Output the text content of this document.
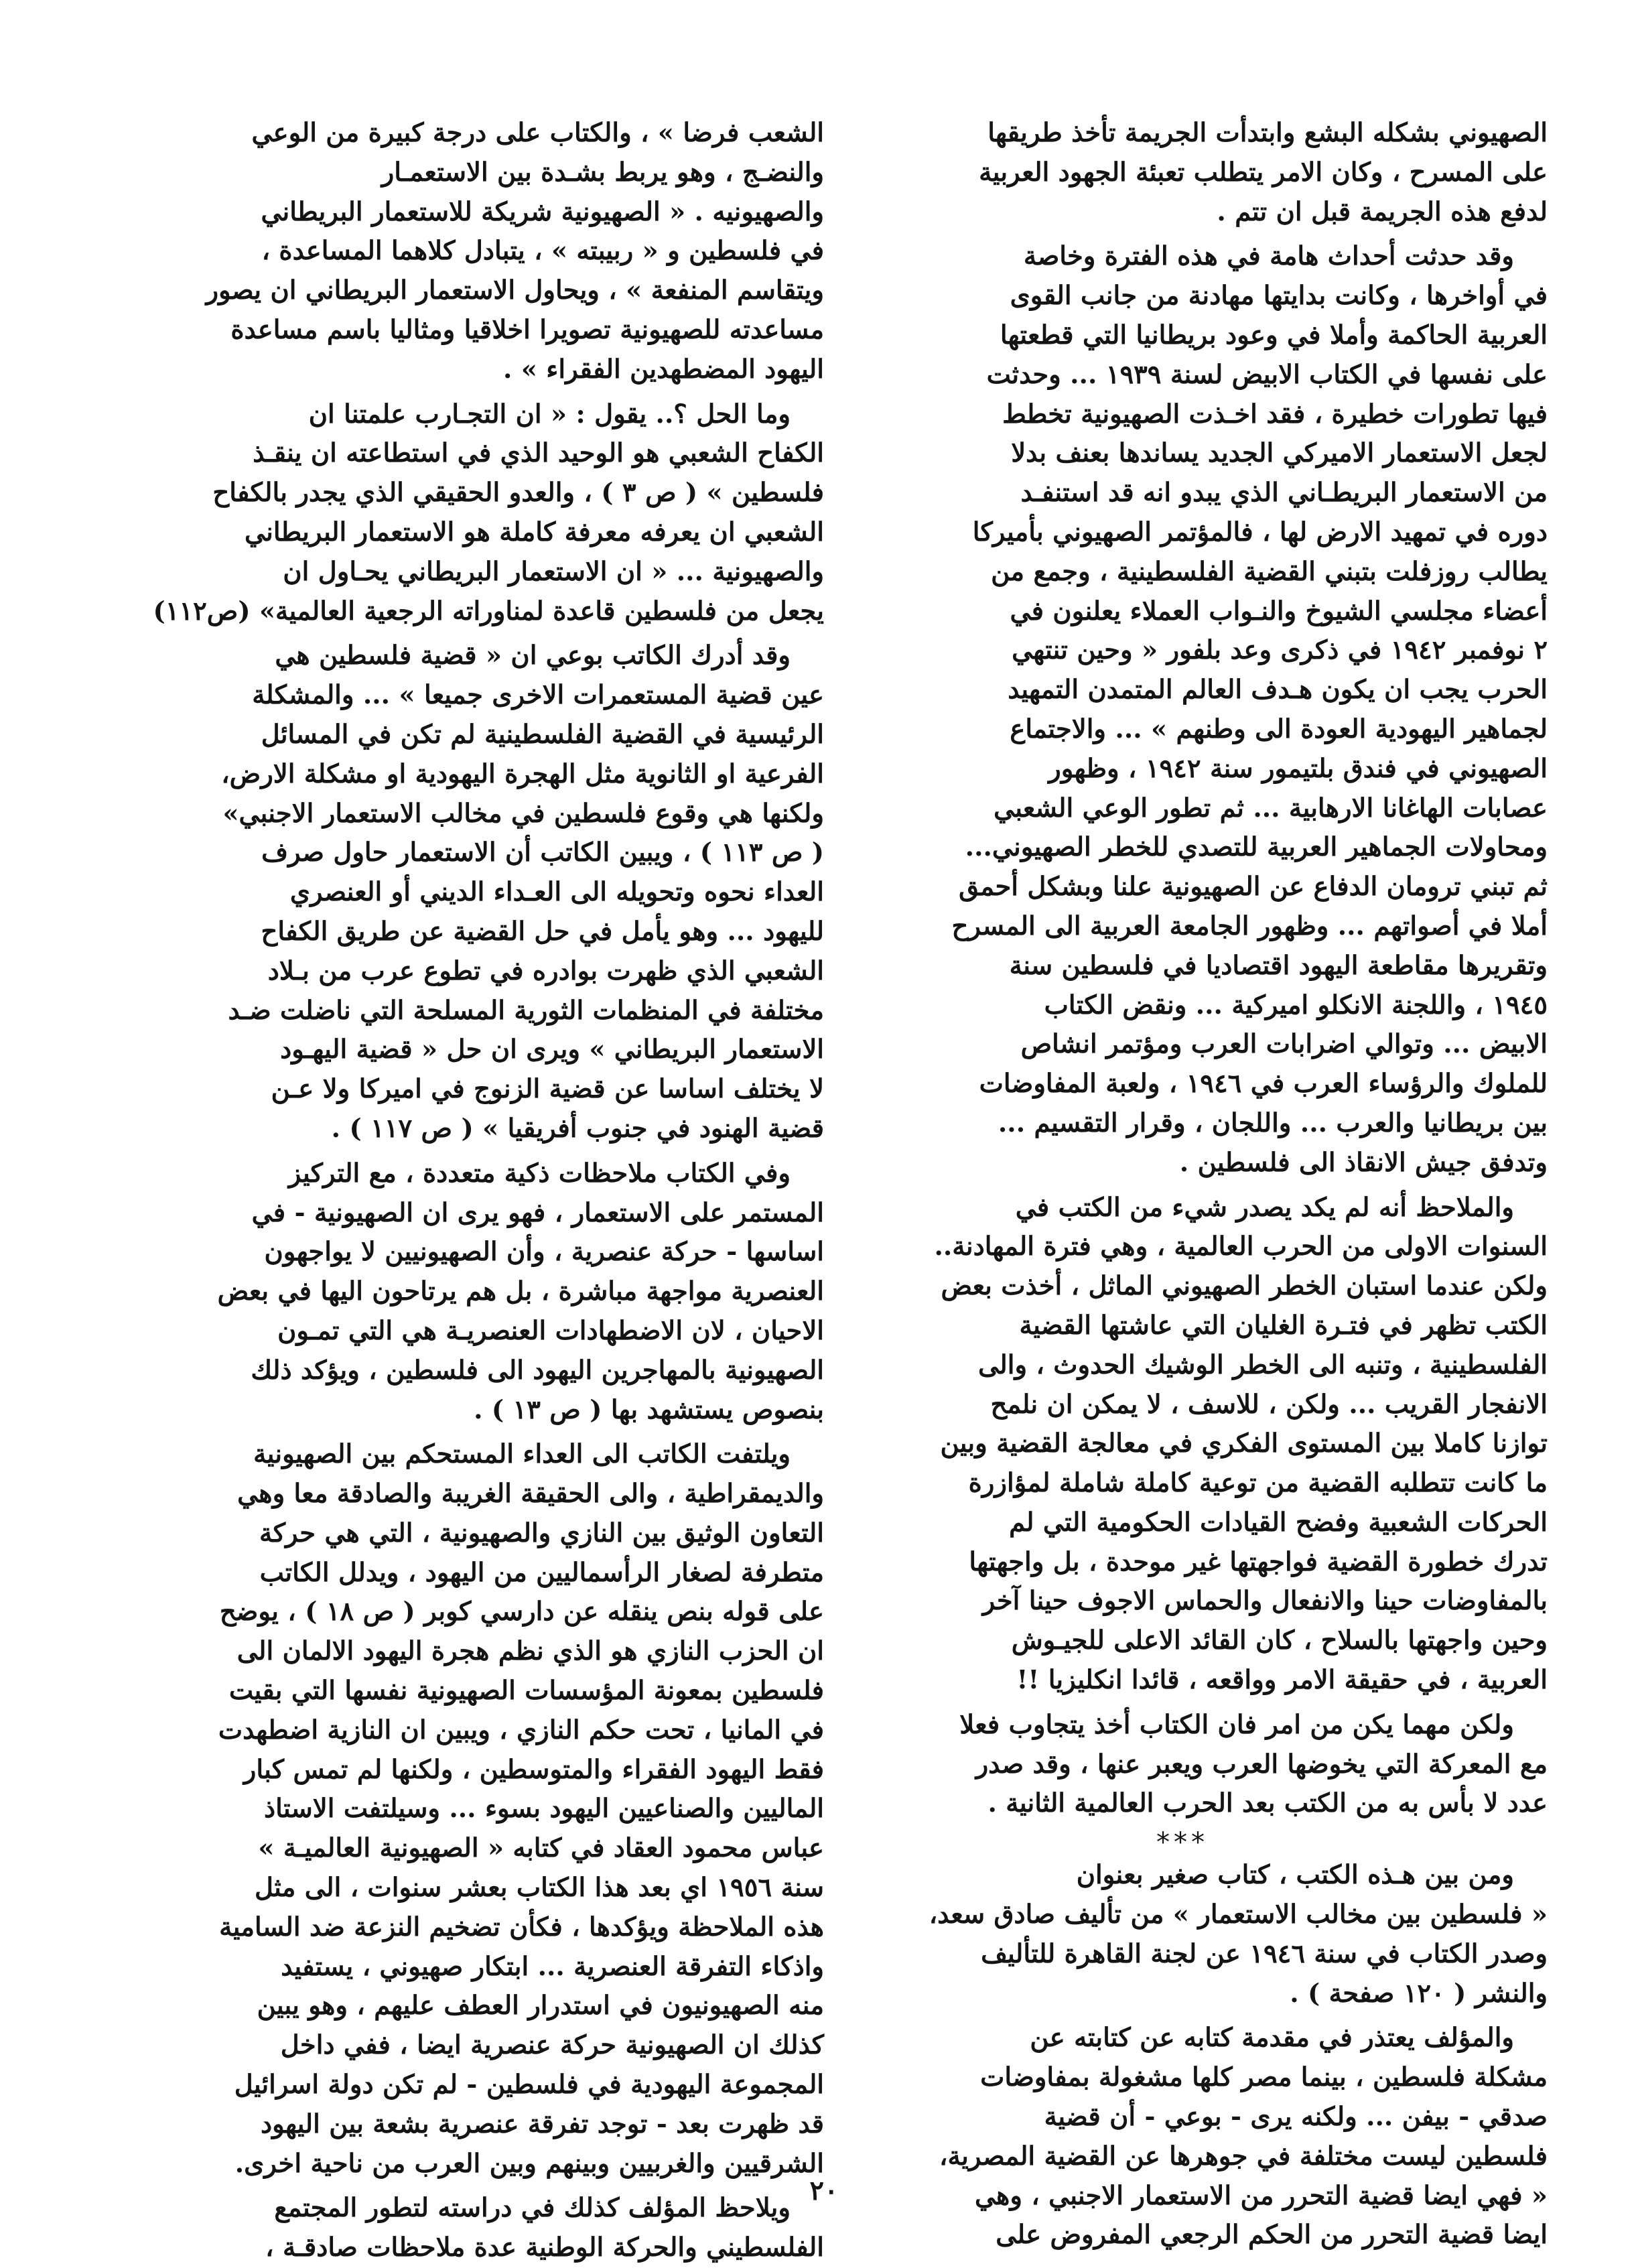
الصهيوني بشكله البشع وابتدأت الجريمة تأخذ طريقها
على المسرح ، وكان الامر يتطلب تعبئة الجهود العربية
لدفع هذه الجريمة قبل ان تتم .
وقد حدثت أحداث هامة في هذه الفترة وخاصة
في أواخرها ، وكانت بدايتها مهادنة من جانب القوى
العربية الحاكمة وأملا في وعود بريطانيا التي قطعتها
على نفسها في الكتاب الابيض لسنة ١٩٣٩ ... وحدثت
فيها تطورات خطيرة ، فقد اخـذت الصهيونية تخطط
لجعل الاستعمار الاميركي الجديد يساندها بعنف بدلا
من الاستعمار البريطـاني الذي يبدو انه قد استنفـد
دوره في تمهيد الارض لها ، فالمؤتمر الصهيوني بأميركا
يطالب روزفلت بتبني القضية الفلسطينية ، وجمع من
أعضاء مجلسي الشيوخ والنـواب العملاء يعلنون في
٢ نوفمبر ١٩٤٢ في ذكرى وعد بلفور « وحين تنتهي
الحرب يجب ان يكون هـدف العالم المتمدن التمهيد
لجماهير اليهودية العودة الى وطنهم » ... والاجتماع
الصهيوني في فندق بلتيمور سنة ١٩٤٢ ، وظهور
عصابات الهاغانا الارهابية ... ثم تطور الوعي الشعبي
ومحاولات الجماهير العربية للتصدي للخطر الصهيوني...
ثم تبني ترومان الدفاع عن الصهيونية علنا وبشكل أحمق
أملا في أصواتهم ... وظهور الجامعة العربية الى المسرح
وتقريرها مقاطعة اليهود اقتصاديا في فلسطين سنة
١٩٤٥ ، واللجنة الانكلو اميركية ... ونقض الكتاب
الابيض ... وتوالي اضرابات العرب ومؤتمر انشاص
للملوك والرؤساء العرب في ١٩٤٦ ، ولعبة المفاوضات
بين بريطانيا والعرب ... واللجان ، وقرار التقسيم ...
وتدفق جيش الانقاذ الى فلسطين .
والملاحظ أنه لم يكد يصدر شيء من الكتب في
السنوات الاولى من الحرب العالمية ، وهي فترة المهادنة..
ولكن عندما استبان الخطر الصهيوني الماثل ، أخذت بعض
الكتب تظهر في فتـرة الغليان التي عاشتها القضية
الفلسطينية ، وتنبه الى الخطر الوشيك الحدوث ، والى
الانفجار القريب ... ولكن ، للاسف ، لا يمكن ان نلمح
توازنا كاملا بين المستوى الفكري في معالجة القضية وبين
ما كانت تتطلبه القضية من توعية كاملة شاملة لمؤازرة
الحركات الشعبية وفضح القيادات الحكومية التي لم
تدرك خطورة القضية فواجهتها غير موحدة ، بل واجهتها
بالمفاوضات حينا والانفعال والحماس الاجوف حينا آخر
وحين واجهتها بالسلاح ، كان القائد الاعلى للجيـوش
العربية ، في حقيقة الامر وواقعه ، قائدا انكليزيا !!
ولكن مهما يكن من امر فان الكتاب أخذ يتجاوب فعلا
مع المعركة التي يخوضها العرب ويعبر عنها ، وقد صدر
عدد لا بأس به من الكتب بعد الحرب العالمية الثانية .
***
ومن بين هـذه الكتب ، كتاب صغير بعنوان
« فلسطين بين مخالب الاستعمار » من تأليف صادق سعد،
وصدر الكتاب في سنة ١٩٤٦ عن لجنة القاهرة للتأليف
والنشر ( ١٢٠ صفحة ) .
والمؤلف يعتذر في مقدمة كتابه عن كتابته عن
مشكلة فلسطين ، بينما مصر كلها مشغولة بمفاوضات
صدقي - بيفن ... ولكنه يرى - بوعي - أن قضية
فلسطين ليست مختلفة في جوهرها عن القضية المصرية،
« فهي ايضا قضية التحرر من الاستعمار الاجنبي ، وهي
ايضا قضية التحرر من الحكم الرجعي المفروض على
الشعب فرضا » ، والكتاب على درجة كبيرة من الوعي
والنضـج ، وهو يربط بشـدة بين الاستعمـار
والصهيونيه . « الصهيونية شريكة للاستعمار البريطاني
في فلسطين و « ربيبته » ، يتبادل كلاهما المساعدة ،
ويتقاسم المنفعة » ، ويحاول الاستعمار البريطاني ان يصور
مساعدته للصهيونية تصويرا اخلاقيا ومثاليا باسم مساعدة
اليهود المضطهدين الفقراء » .
وما الحل ؟.. يقول : « ان التجـارب علمتنا ان
الكفاح الشعبي هو الوحيد الذي في استطاعته ان ينقـذ
فلسطين » ( ص ٣ ) ، والعدو الحقيقي الذي يجدر بالكفاح
الشعبي ان يعرفه معرفة كاملة هو الاستعمار البريطاني
والصهيونية ... « ان الاستعمار البريطاني يحـاول ان
يجعل من فلسطين قاعدة لمناوراته الرجعية العالمية» (ص١١٢)
وقد أدرك الكاتب بوعي ان « قضية فلسطين هي
عين قضية المستعمرات الاخرى جميعا » ... والمشكلة
الرئيسية في القضية الفلسطينية لم تكن في المسائل
الفرعية او الثانوية مثل الهجرة اليهودية او مشكلة الارض،
ولكنها هي وقوع فلسطين في مخالب الاستعمار الاجنبي»
( ص ١١٣ ) ، ويبين الكاتب أن الاستعمار حاول صرف
العداء نحوه وتحويله الى العـداء الديني أو العنصري
لليهود ... وهو يأمل في حل القضية عن طريق الكفاح
الشعبي الذي ظهرت بوادره في تطوع عرب من بـلاد
مختلفة في المنظمات الثورية المسلحة التي ناضلت ضـد
الاستعمار البريطاني » ويرى ان حل « قضية اليهـود
لا يختلف اساسا عن قضية الزنوج في اميركا ولا عـن
قضية الهنود في جنوب أفريقيا » ( ص ١١٧ ) .
وفي الكتاب ملاحظات ذكية متعددة ، مع التركيز
المستمر على الاستعمار ، فهو يرى ان الصهيونية - في
اساسها - حركة عنصرية ، وأن الصهيونيين لا يواجهون
العنصرية مواجهة مباشرة ، بل هم يرتاحون اليها في بعض
الاحيان ، لان الاضطهادات العنصريـة هي التي تمـون
الصهيونية بالمهاجرين اليهود الى فلسطين ، ويؤكد ذلك
بنصوص يستشهد بها ( ص ١٣ ) .
ويلتفت الكاتب الى العداء المستحكم بين الصهيونية
والديمقراطية ، والى الحقيقة الغريبة والصادقة معا وهي
التعاون الوثيق بين النازي والصهيونية ، التي هي حركة
متطرفة لصغار الرأسماليين من اليهود ، ويدلل الكاتب
على قوله بنص ينقله عن دارسي كوبر ( ص ١٨ ) ، يوضح
ان الحزب النازي هو الذي نظم هجرة اليهود الالمان الى
فلسطين بمعونة المؤسسات الصهيونية نفسها التي بقيت
في المانيا ، تحت حكم النازي ، ويبين ان النازية اضطهدت
فقط اليهود الفقراء والمتوسطين ، ولكنها لم تمس كبار
الماليين والصناعيين اليهود بسوء ... وسيلتفت الاستاذ
عباس محمود العقاد في كتابه « الصهيونية العالميـة »
سنة ١٩٥٦ اي بعد هذا الكتاب بعشر سنوات ، الى مثل
هذه الملاحظة ويؤكدها ، فكأن تضخيم النزعة ضد السامية
واذكاء التفرقة العنصرية ... ابتكار صهيوني ، يستفيد
منه الصهيونيون في استدرار العطف عليهم ، وهو يبين
كذلك ان الصهيونية حركة عنصرية ايضا ، ففي داخل
المجموعة اليهودية في فلسطين - لم تكن دولة اسرائيل
قد ظهرت بعد - توجد تفرقة عنصرية بشعة بين اليهود
الشرقيين والغربيين وبينهم وبين العرب من ناحية اخرى.
ويلاحظ المؤلف كذلك في دراسته لتطور المجتمع
الفلسطيني والحركة الوطنية عدة ملاحظات صادقـة ،
٢٠
